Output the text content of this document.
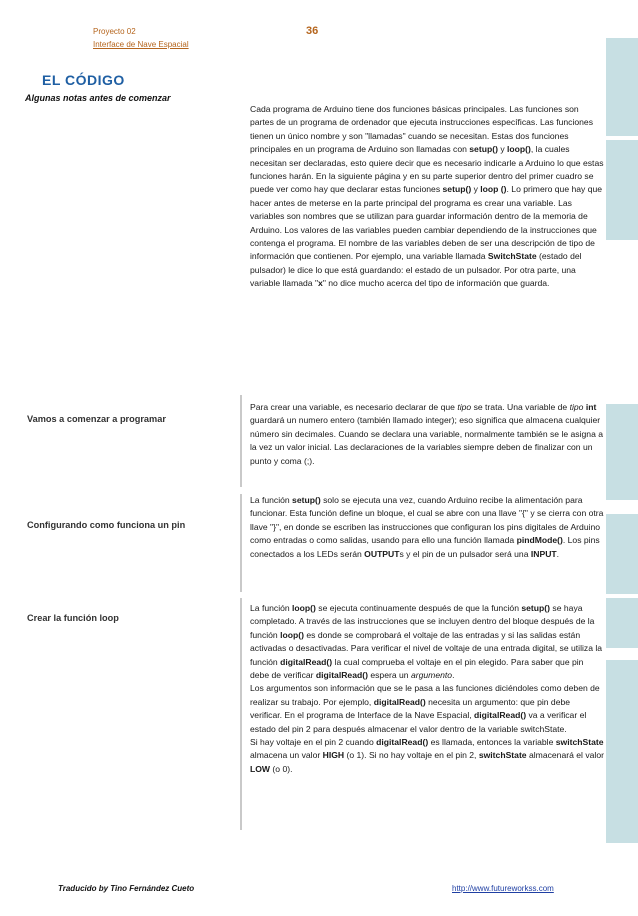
Proyecto 02
Interface de Nave Espacial
36
EL CÓDIGO
Algunas notas antes de comenzar
Cada programa de Arduino tiene dos funciones básicas principales. Las funciones son partes de un programa de ordenador que ejecuta instrucciones específicas. Las funciones tienen un único nombre y son "llamadas" cuando se necesitan. Estas dos funciones principales en un programa de Arduino son llamadas con setup() y loop(), la cuales necesitan ser declaradas, esto quiere decir que es necesario indicarle a Arduino lo que estas funciones harán. En la siguiente página y en su parte superior dentro del primer cuadro se puede ver como hay que declarar estas funciones setup() y loop (). Lo primero que hay que hacer antes de meterse en la parte principal del programa es crear una variable. Las variables son nombres que se utilizan para guardar información dentro de la memoria de Arduino. Los valores de las variables pueden cambiar dependiendo de la instrucciones que contenga el programa. El nombre de las variables deben de ser una descripción de tipo de información que contienen. Por ejemplo, una variable llamada SwitchState (estado del pulsador) le dice lo que está guardando: el estado de un pulsador. Por otra parte, una variable llamada "x" no dice mucho acerca del tipo de información que guarda.
Vamos a comenzar a programar
Para crear una variable, es necesario declarar de que tipo se trata. Una variable de tipo int guardará un numero entero (también llamado integer); eso significa que almacena cualquier número sin decimales. Cuando se declara una variable, normalmente también se le asigna a la vez un valor inicial. Las declaraciones de la variables siempre deben de finalizar con un punto y coma (;).
Configurando como funciona un pin
La función setup() solo se ejecuta una vez, cuando Arduino recibe la alimentación para funcionar. Esta función define un bloque, el cual se abre con una llave "{" y se cierra con otra llave "}", en donde se escriben las instrucciones que configuran los pins digitales de Arduino como entradas o como salidas, usando para ello una función llamada pindMode(). Los pins conectados a los LEDs serán OUTPUTs y el pin de un pulsador será una INPUT.
Crear la función loop
La función loop() se ejecuta continuamente después de que la función setup() se haya completado. A través de las instrucciones que se incluyen dentro del bloque después de la función loop() es donde se comprobará el voltaje de las entradas y si las salidas están activadas o desactivadas. Para verificar el nivel de voltaje de una entrada digital, se utiliza la función digitalRead() la cual comprueba el voltaje en el pin elegido. Para saber que pin debe de verificar digitalRead() espera un argumento.
Los argumentos son información que se le pasa a las funciones diciéndoles como deben de realizar su trabajo. Por ejemplo, digitalRead() necesita un argumento: que pin debe verificar. En el programa de Interface de la Nave Espacial, digitalRead() va a verificar el estado del pin 2 para después almacenar el valor dentro de la variable switchState.
Si hay voltaje en el pin 2 cuando digitalRead() es llamada, entonces la variable switchState almacena un valor HIGH (o 1). Si no hay voltaje en el pin 2, switchState almacenará el valor LOW (o 0).
Traducido by Tino Fernández Cueto	http://www.futureworkss.com
